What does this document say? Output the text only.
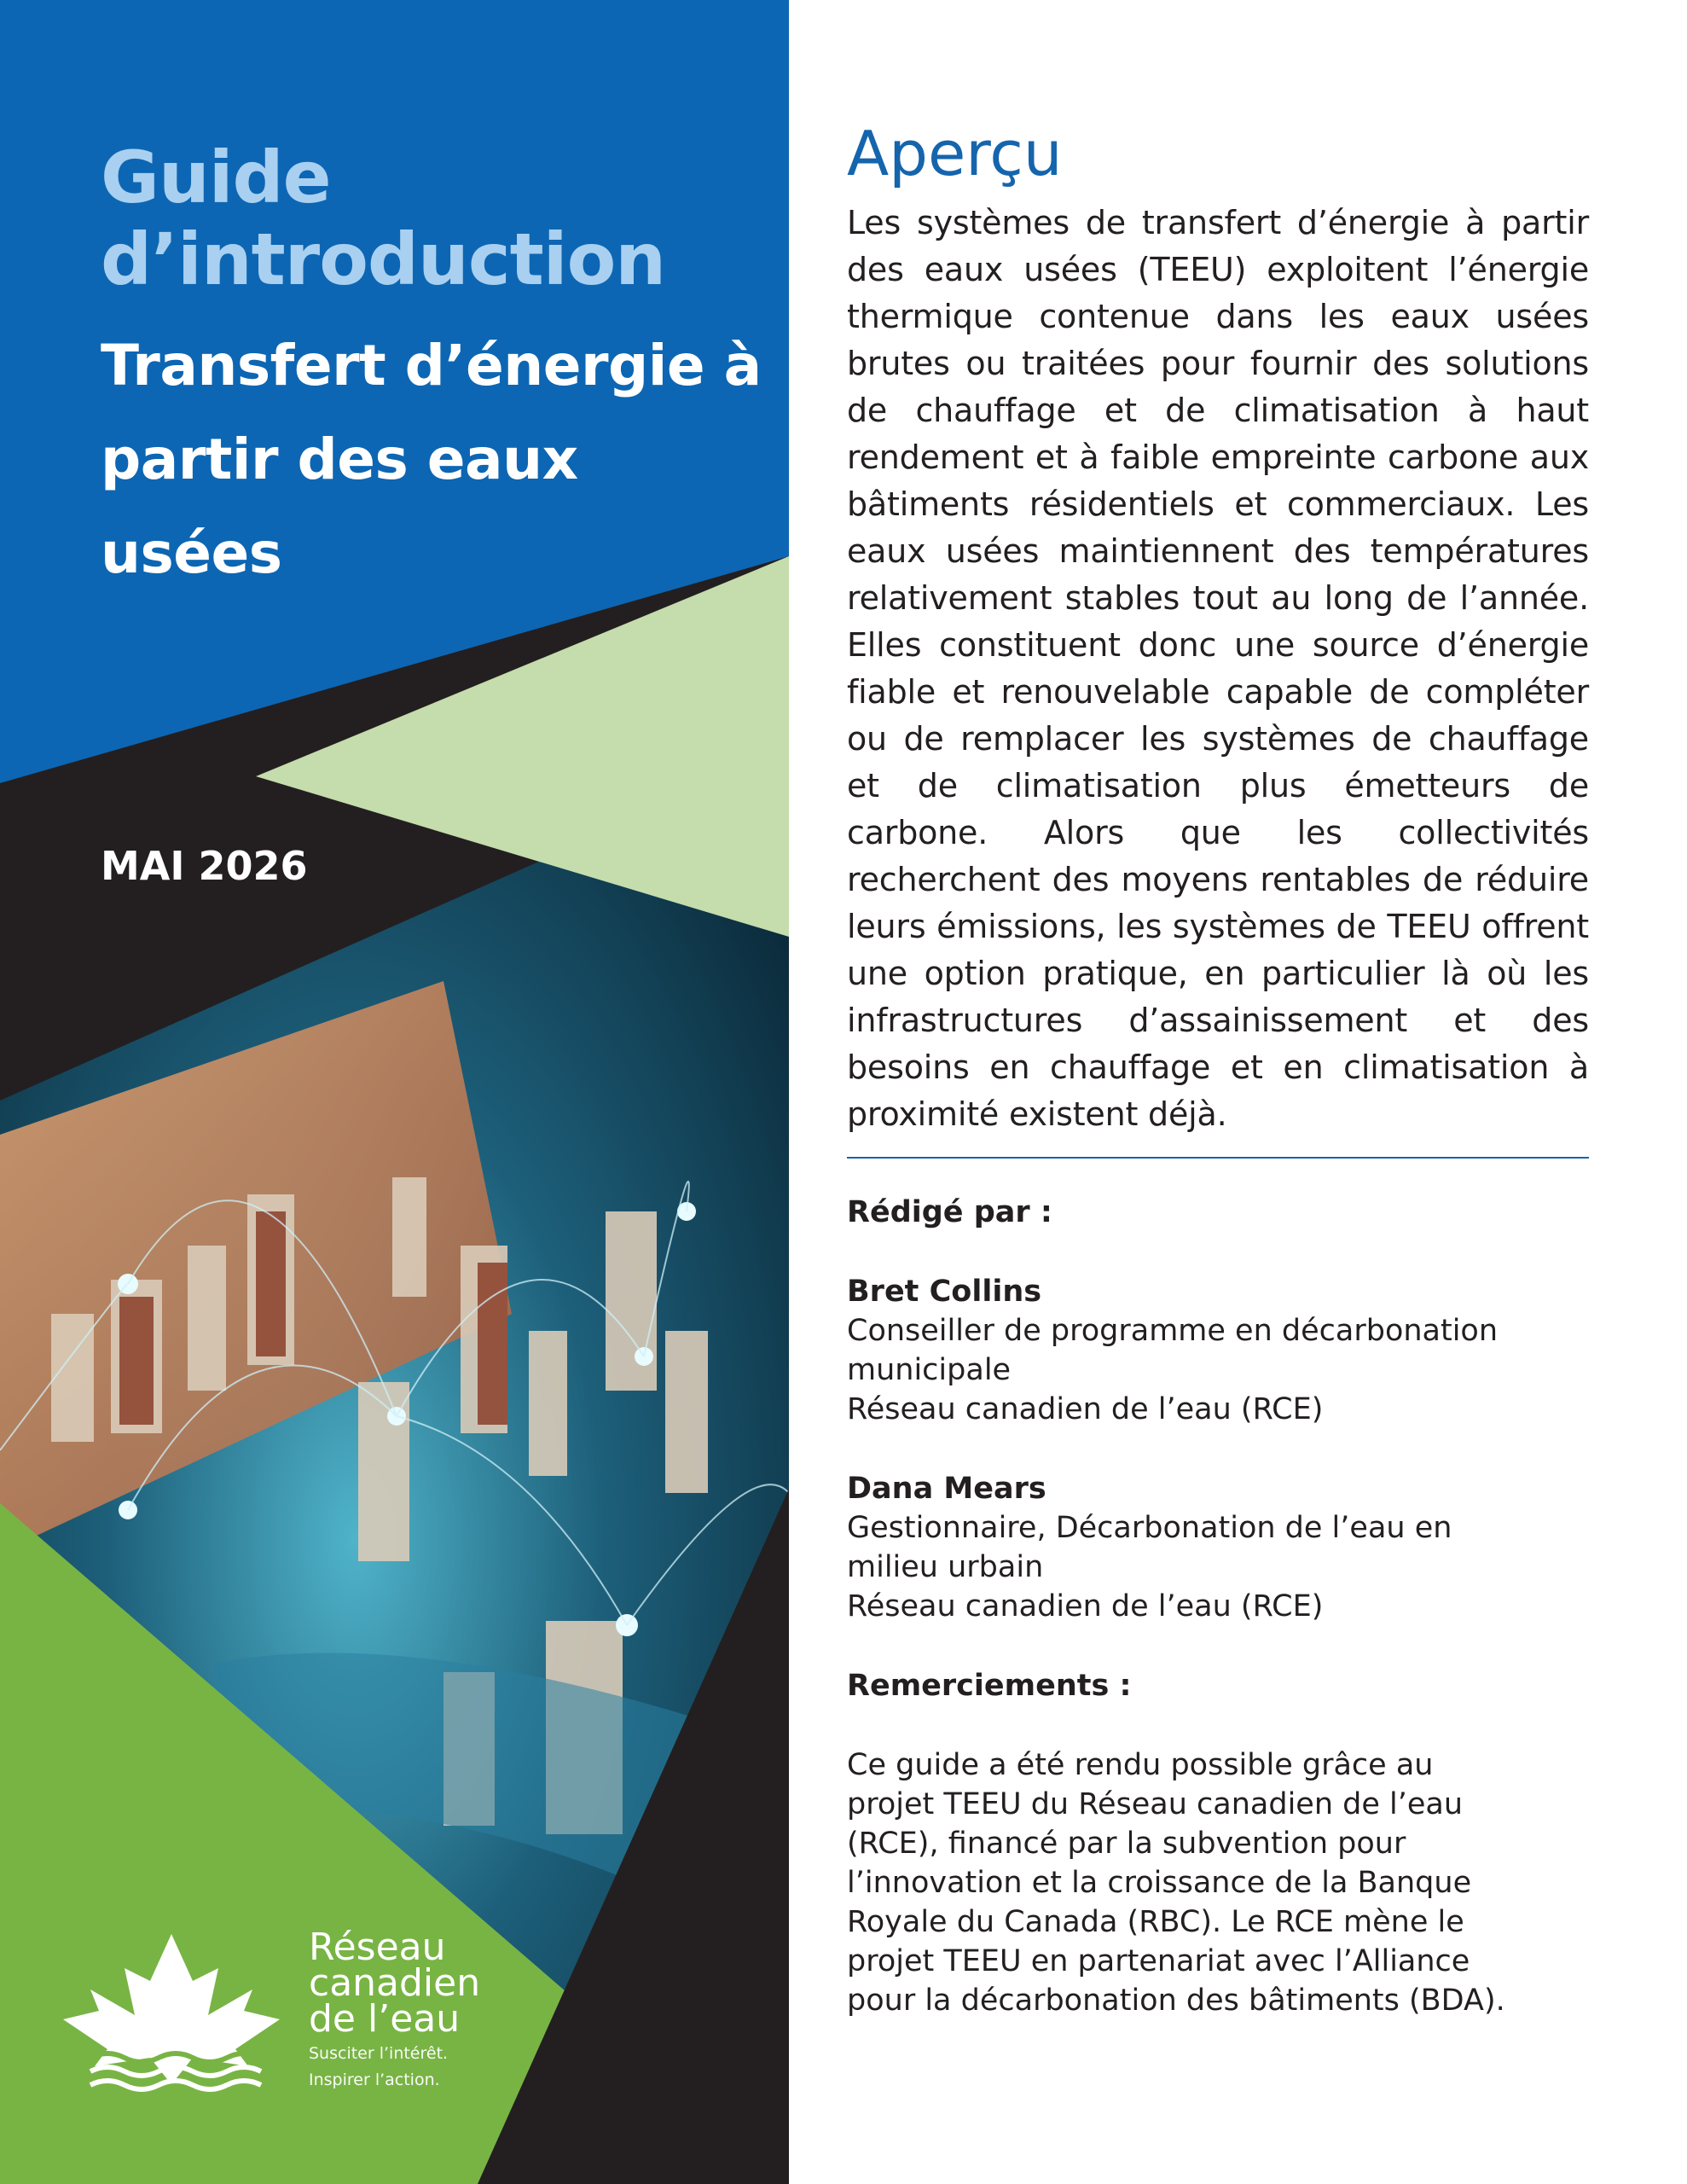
Guide d’introduction
Transfert d’énergie à partir des eaux usées
MAI 2026
Réseau
canadien
de l’eau
Susciter l’intérêt.
Inspirer l’action.
Aperçu

Les systèmes de transfert d’énergie à partir des eaux usées (TEEU) exploitent l’énergie thermique contenue dans les eaux usées brutes ou traitées pour fournir des solutions de chauffage et de climatisation à haut rendement et à faible empreinte carbone aux bâtiments résidentiels et commerciaux. Les eaux usées maintiennent des températures relativement stables tout au long de l’année. Elles constituent donc une source d’énergie fiable et renouvelable capable de compléter ou de remplacer les systèmes de chauffage et de climatisation plus émetteurs de carbone. Alors que les collectivités recherchent des moyens rentables de réduire leurs émissions, les systèmes de TEEU offrent une option pratique, en particulier là où les infrastructures d’assainissement et des besoins en chauffage et en climatisation à proximité existent déjà.

Rédigé par :
Bret Collins
Conseiller de programme en décarbonation
municipale
Réseau canadien de l’eau (RCE)
Dana Mears
Gestionnaire, Décarbonation de l’eau en
milieu urbain
Réseau canadien de l’eau (RCE)
Remerciements :
Ce guide a été rendu possible grâce au
projet TEEU du Réseau canadien de l’eau
(RCE), financé par la subvention pour
l’innovation et la croissance de la Banque
Royale du Canada (RBC). Le RCE mène le
projet TEEU en partenariat avec l’Alliance
pour la décarbonation des bâtiments (BDA).
